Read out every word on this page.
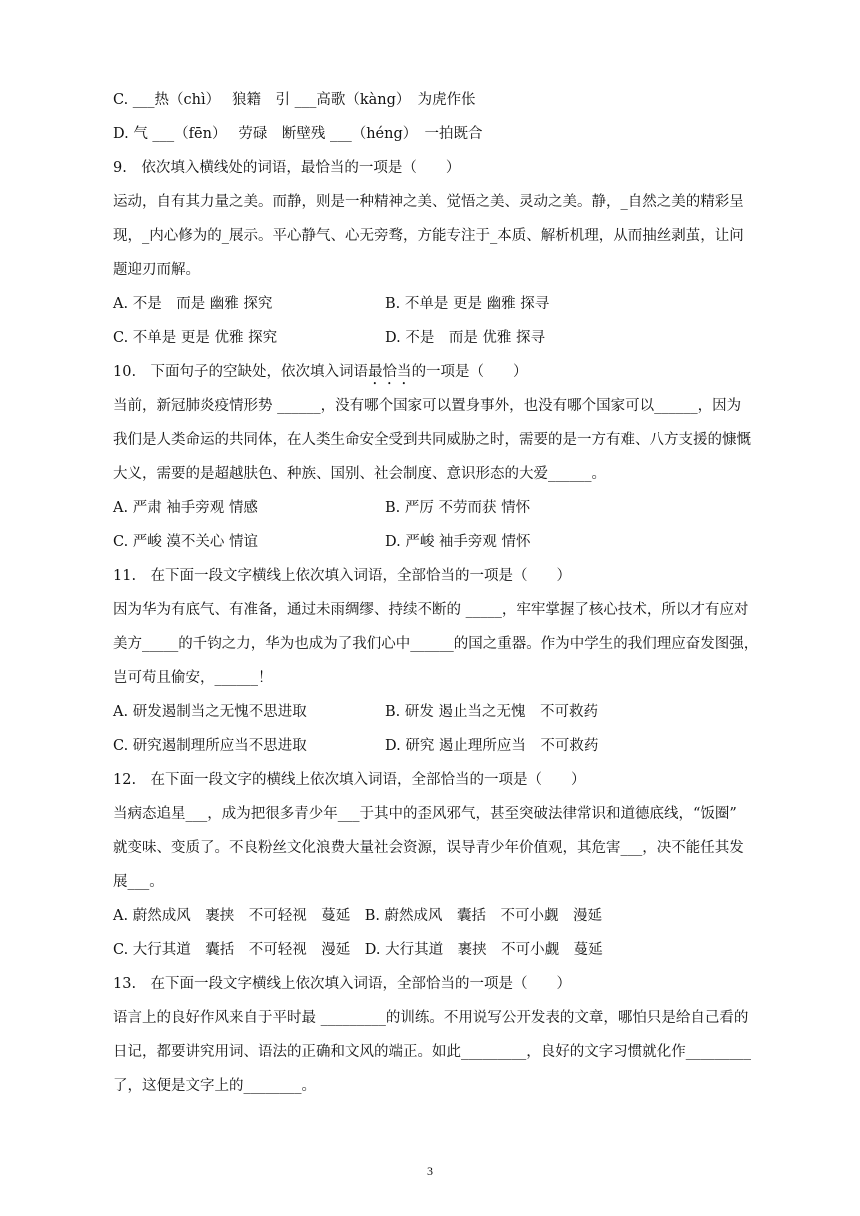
C. ___热（chì）　 狼籍　引 ___高歌（kàng）　为虎作伥
D. 气 ___（fēn）　 劳碌　断壁残 ___（héng）　一拍既合
9.　依次填入横线处的词语，最恰当的一项是（　　）
运动，自有其力量之美。而静，则是一种精神之美、觉悟之美、灵动之美。静，_自然之美的精彩呈
现，_内心修为的_展示。平心静气、心无旁骛，方能专注于_本质、解析机理，从而抽丝剥茧，让问
题迎刃而解。
A. 不是　而是 幽雅 探究	B. 不单是 更是 幽雅 探寻
C. 不单是 更是 优雅 探究	D. 不是　而是 优雅 探寻
10.　下面句子的空缺处，依次填入词语最恰当的一项是（　　）
当前，新冠肺炎疫情形势 ______，没有哪个国家可以置身事外，也没有哪个国家可以______，因为
我们是人类命运的共同体，在人类生命安全受到共同威胁之时，需要的是一方有难、八方支援的慷慨
大义，需要的是超越肤色、种族、国别、社会制度、意识形态的大爱______。
A. 严肃 袖手旁观 情感	B. 严厉 不劳而获 情怀
C. 严峻 漠不关心 情谊	D. 严峻 袖手旁观 情怀
11.　在下面一段文字横线上依次填入词语，全部恰当的一项是（　　）
因为华为有底气、有准备，通过未雨绸缪、持续不断的 _____，牢牢掌握了核心技术，所以才有应对
美方_____的千钧之力，华为也成为了我们心中______的国之重器。作为中学生的我们理应奋发图强，
岂可苟且偷安，______！
A. 研发遏制当之无愧不思进取	B. 研发 遏止当之无愧　不可救药
C. 研究遏制理所应当不思进取	D. 研究 遏止理所应当　不可救药
12.　在下面一段文字的横线上依次填入词语，全部恰当的一项是（　　）
当病态追星___，成为把很多青少年___于其中的歪风邪气，甚至突破法律常识和道德底线，“饭圈”
就变味、变质了。不良粉丝文化浪费大量社会资源，误导青少年价值观，其危害___，决不能任其发
展___。
A. 蔚然成风　裹挟　不可轻视　蔓延　B. 蔚然成风　囊括　不可小觑　漫延
C. 大行其道　囊括　不可轻视　漫延　D. 大行其道　裹挟　不可小觑　蔓延
13.　在下面一段文字横线上依次填入词语，全部恰当的一项是（　　）
语言上的良好作风来自于平时最 _________的训练。不用说写公开发表的文章，哪怕只是给自己看的
日记，都要讲究用词、语法的正确和文风的端正。如此_________，良好的文字习惯就化作_________
了，这便是文字上的________。
3
